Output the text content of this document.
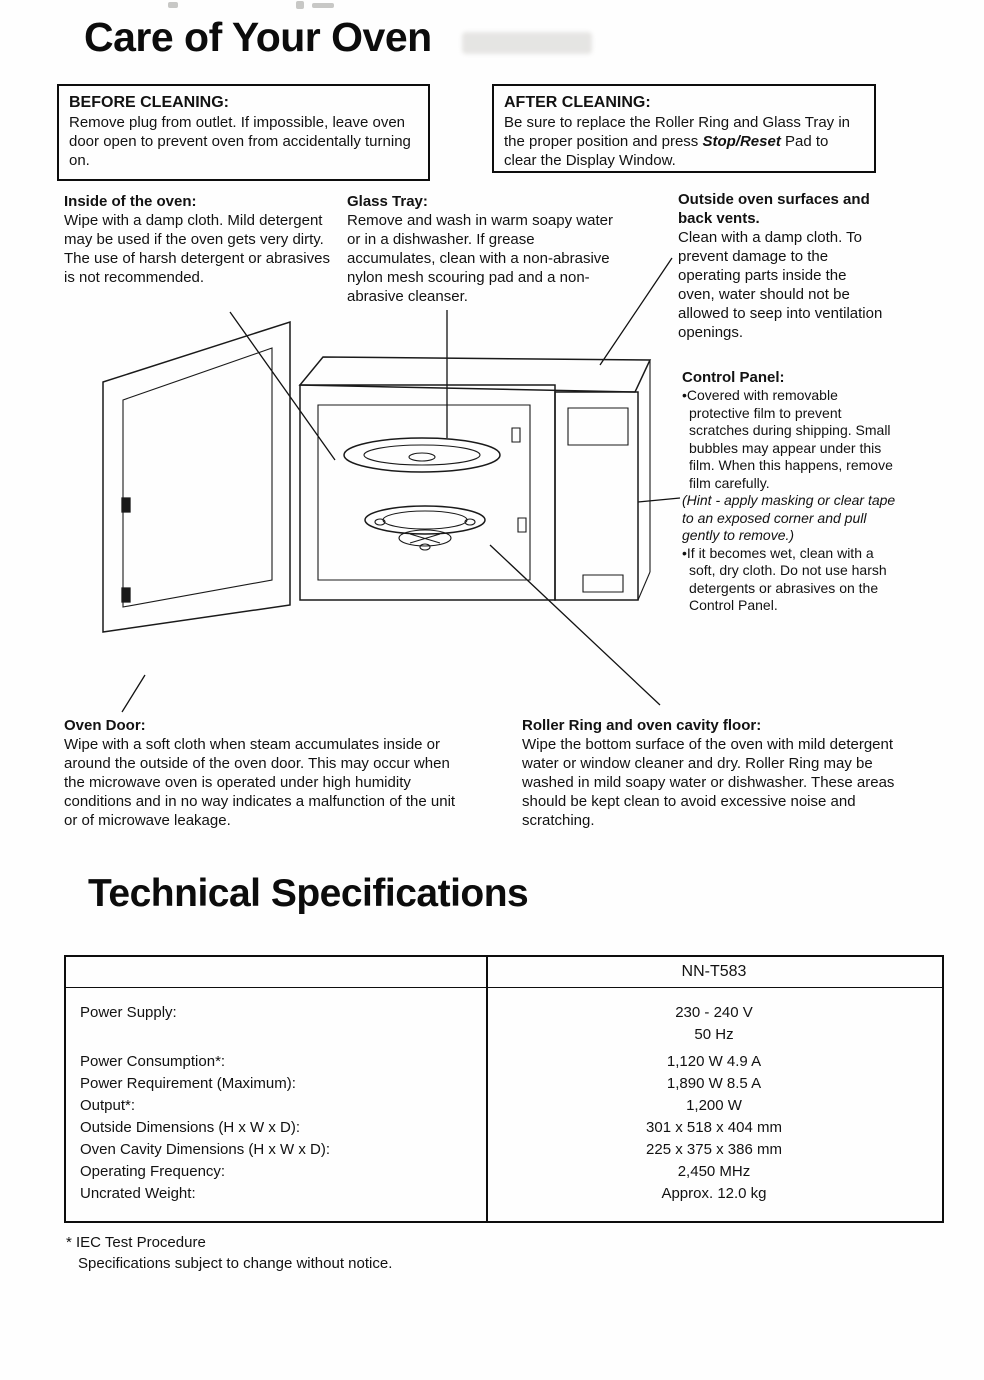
Care of Your Oven
BEFORE CLEANING:
Remove plug from outlet. If impossible, leave oven door open to prevent oven from accidentally turning on.
AFTER CLEANING:
Be sure to replace the Roller Ring and Glass Tray in the proper position and press Stop/Reset Pad to clear the Display Window.
Inside of the oven:
Wipe with a damp cloth. Mild detergent may be used if the oven gets very dirty. The use of harsh detergent or abrasives is not recommended.
Glass Tray:
Remove and wash in warm soapy water or in a dishwasher. If grease accumulates, clean with a non-abrasive nylon mesh scouring pad and a non-abrasive cleanser.
Outside oven surfaces and back vents.
Clean with a damp cloth. To prevent damage to the operating parts inside the oven, water should not be allowed to seep into ventilation openings.
Control Panel:
•Covered with removable protective film to prevent scratches during shipping. Small bubbles may appear under this film. When this happens, remove film carefully.
(Hint - apply masking or clear tape to an exposed corner and pull gently to remove.)
•If it becomes wet, clean with a soft, dry cloth. Do not use harsh detergents or abrasives on the Control Panel.
Oven Door:
Wipe with a soft cloth when steam accumulates inside or around the outside of the oven door. This may occur when the microwave oven is operated under high humidity conditions and in no way indicates a malfunction of the unit or of microwave leakage.
Roller Ring and oven cavity floor:
Wipe the bottom surface of the oven with mild detergent water or window cleaner and dry. Roller Ring may be washed in mild soapy water or dishwasher. These areas should be kept clean to avoid excessive noise and scratching.
Technical Specifications
NN-T583
Power Supply:	230 - 240 V
50 Hz
Power Consumption*:	1,120 W 4.9 A
Power Requirement (Maximum):	1,890 W 8.5 A
Output*:	1,200 W
Outside Dimensions (H x W x D):	301 x 518 x 404 mm
Oven Cavity Dimensions (H x W x D):	225 x 375 x 386 mm
Operating Frequency:	2,450 MHz
Uncrated Weight:	Approx. 12.0 kg
* IEC Test Procedure
Specifications subject to change without notice.
